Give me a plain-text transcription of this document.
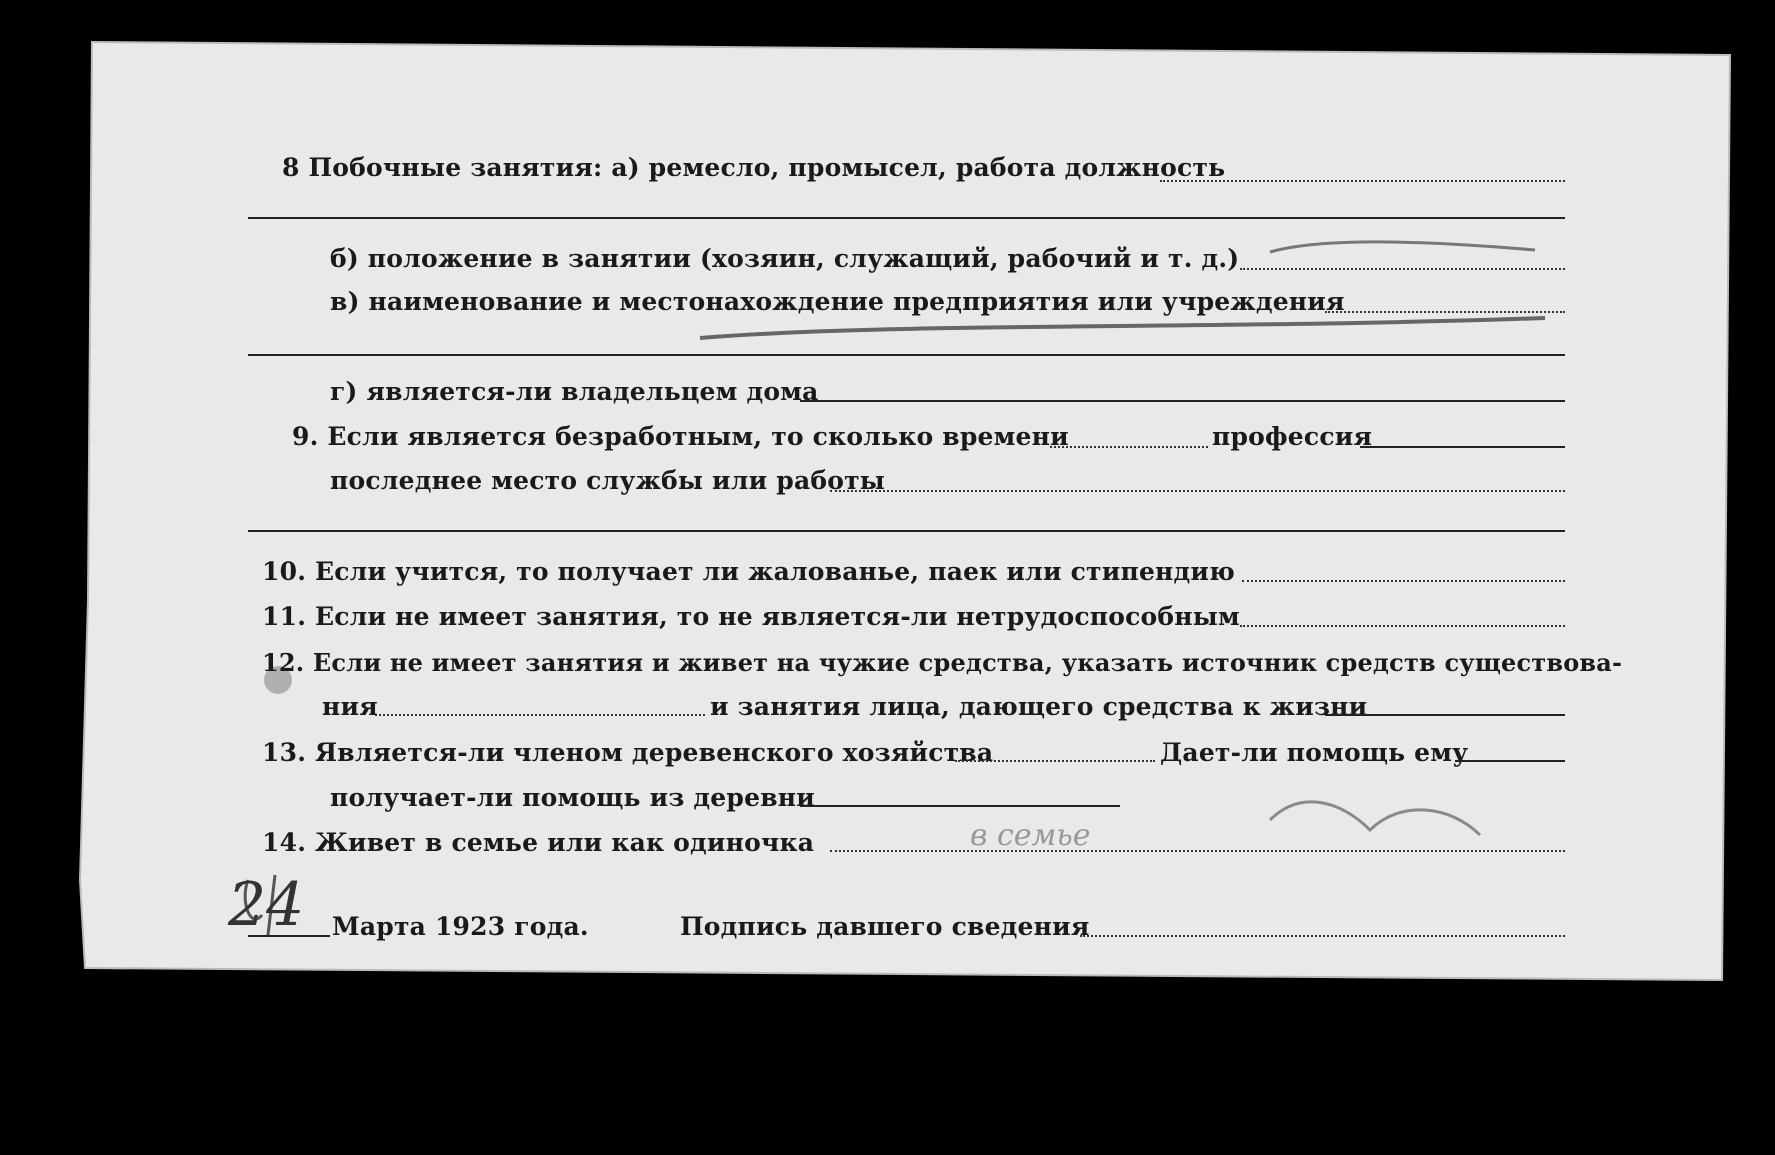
8 Побочные занятия: а) ремесло, промысел, работа должность
б) положение в занятии (хозяин, служащий, рабочий и т. д.)
в) наименование и местонахождение предприятия или учреждения
г) является-ли владельцем дома
9. Если является безработным, то сколько времени	профессия
последнее место службы или работы
10. Если учится, то получает ли жалованье, паек или стипендию
11. Если не имеет занятия, то не является-ли нетрудоспособным
12. Если не имеет занятия и живет на чужие средства, указать источник средств существова-
ния	и занятия лица, дающего средства к жизни
13. Является-ли членом деревенского хозяйства	Дает-ли помощь ему
получает-ли помощь из деревни
14. Живет в семье или как одиночка	в семье
24 Марта 1923 года.	Подпись давшего сведения
